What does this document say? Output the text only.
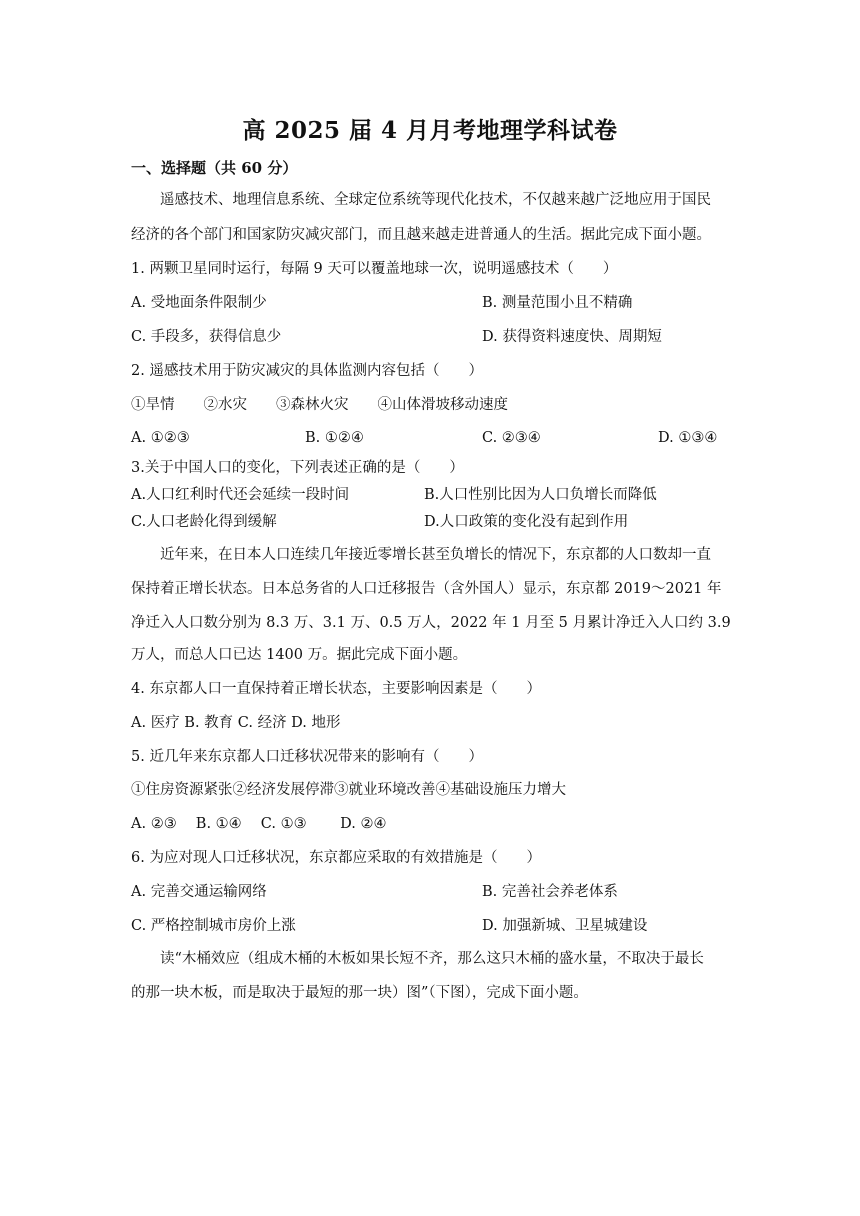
高 2025 届 4 月月考地理学科试卷
一、选择题（共 60 分）
遥感技术、地理信息系统、全球定位系统等现代化技术，不仅越来越广泛地应用于国民
经济的各个部门和国家防灾减灾部门，而且越来越走进普通人的生活。据此完成下面小题。
1. 两颗卫星同时运行，每隔 9 天可以覆盖地球一次，说明遥感技术（　　）
A. 受地面条件限制少	B. 测量范围小且不精确
C. 手段多，获得信息少	D. 获得资料速度快、周期短
2. 遥感技术用于防灾减灾的具体监测内容包括（　　）
①旱情　　②水灾　　③森林火灾　　④山体滑坡移动速度
A. ①②③	B. ①②④	C. ②③④	D. ①③④
3.关于中国人口的变化，下列表述正确的是（　　）
A.人口红利时代还会延续一段时间	B.人口性别比因为人口负增长而降低
C.人口老龄化得到缓解	D.人口政策的变化没有起到作用
近年来，在日本人口连续几年接近零增长甚至负增长的情况下，东京都的人口数却一直
保持着正增长状态。日本总务省的人口迁移报告（含外国人）显示，东京都 2019～2021 年
净迁入人口数分别为 8.3 万、3.1 万、0.5 万人，2022 年 1 月至 5 月累计净迁入人口约 3.9
万人，而总人口已达 1400 万。据此完成下面小题。
4. 东京都人口一直保持着正增长状态，主要影响因素是（　　）
A. 医疗 B. 教育 C. 经济 D. 地形
5. 近几年来东京都人口迁移状况带来的影响有（　　）
①住房资源紧张②经济发展停滞③就业环境改善④基础设施压力增大
A. ②③　 B. ①④　 C. ①③　　 D. ②④
6. 为应对现人口迁移状况，东京都应采取的有效措施是（　　）
A. 完善交通运输网络	B. 完善社会养老体系
C. 严格控制城市房价上涨	D. 加强新城、卫星城建设
读“木桶效应（组成木桶的木板如果长短不齐，那么这只木桶的盛水量，不取决于最长
的那一块木板，而是取决于最短的那一块）图”（下图），完成下面小题。
